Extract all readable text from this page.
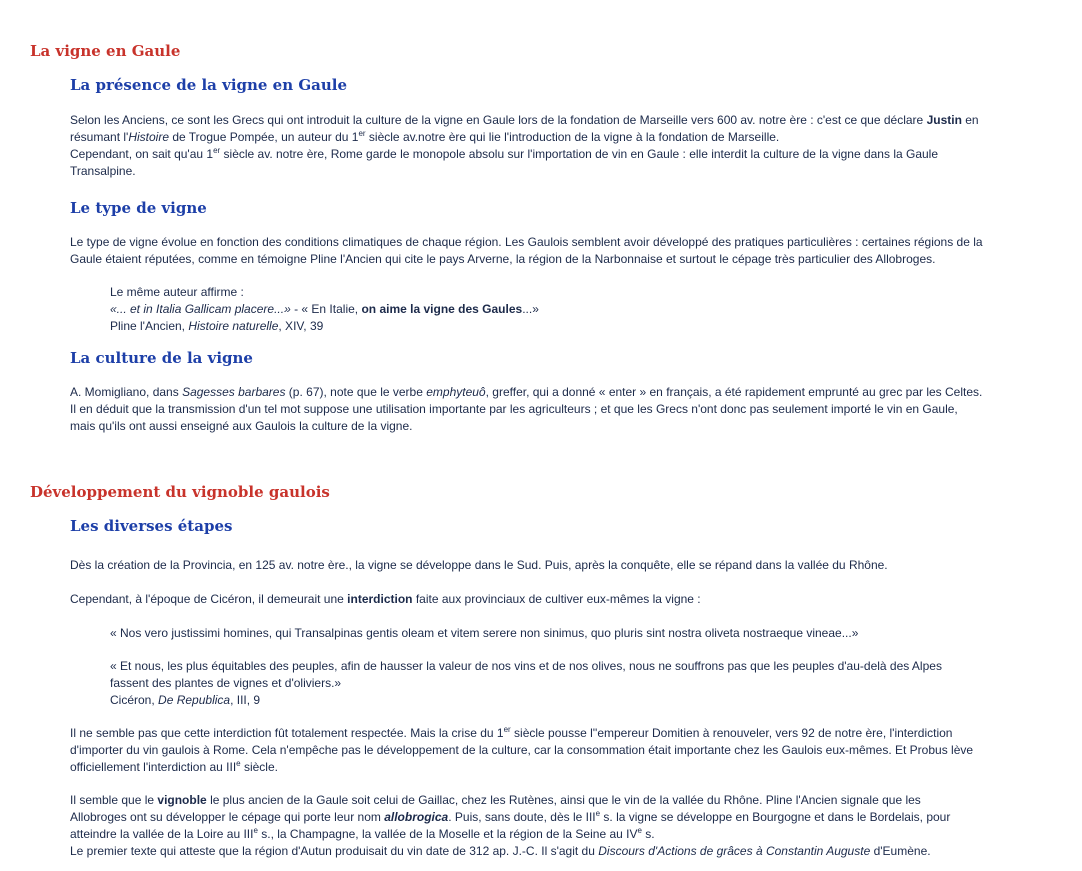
La vigne en Gaule
La présence de la vigne en Gaule
Selon les Anciens, ce sont les Grecs qui ont introduit la culture de la vigne en Gaule lors de la fondation de Marseille vers 600 av. notre ère : c'est ce que déclare Justin en
résumant l'Histoire de Trogue Pompée, un auteur du 1er siècle av.notre ère qui lie l'introduction de la vigne à la fondation de Marseille.
Cependant, on sait qu'au 1er siècle av. notre ère, Rome garde le monopole absolu sur l'importation de vin en Gaule : elle interdit la culture de la vigne dans la Gaule
Transalpine.
Le type de vigne
Le type de vigne évolue en fonction des conditions climatiques de chaque région. Les Gaulois semblent avoir développé des pratiques particulières : certaines régions de la
Gaule étaient réputées, comme en témoigne Pline l'Ancien qui cite le pays Arverne, la région de la Narbonnaise et surtout le cépage très particulier des Allobroges.
Le même auteur affirme :
«... et in Italia Gallicam placere...» - « En Italie, on aime la vigne des Gaules...»
Pline l'Ancien, Histoire naturelle, XIV, 39
La culture de la vigne
A. Momigliano, dans Sagesses barbares (p. 67), note que le verbe emphyteuô, greffer, qui a donné « enter » en français, a été rapidement emprunté au grec par les Celtes.
Il en déduit que la transmission d'un tel mot suppose une utilisation importante par les agriculteurs ; et que les Grecs n'ont donc pas seulement importé le vin en Gaule,
mais qu'ils ont aussi enseigné aux Gaulois la culture de la vigne.
Développement du vignoble gaulois
Les diverses étapes
Dès la création de la Provincia, en 125 av. notre ère., la vigne se développe dans le Sud. Puis, après la conquête, elle se répand dans la vallée du Rhône.
Cependant, à l'époque de Cicéron, il demeurait une interdiction faite aux provinciaux de cultiver eux-mêmes la vigne :
« Nos vero justissimi homines, qui Transalpinas gentis oleam et vitem serere non sinimus, quo pluris sint nostra oliveta nostraeque vineae...»
« Et nous, les plus équitables des peuples, afin de hausser la valeur de nos vins et de nos olives, nous ne souffrons pas que les peuples d'au-delà des Alpes
fassent des plantes de vignes et d'oliviers.»
Cicéron, De Republica, III, 9
Il ne semble pas que cette interdiction fût totalement respectée. Mais la crise du 1er siècle pousse l''empereur Domitien à renouveler, vers 92 de notre ère, l'interdiction
d'importer du vin gaulois à Rome. Cela n'empêche pas le développement de la culture, car la consommation était importante chez les Gaulois eux-mêmes. Et Probus lève
officiellement l'interdiction au IIIe siècle.
Il semble que le vignoble le plus ancien de la Gaule soit celui de Gaillac, chez les Rutènes, ainsi que le vin de la vallée du Rhône. Pline l'Ancien signale que les
Allobroges ont su développer le cépage qui porte leur nom allobrogica. Puis, sans doute, dès le IIIe s. la vigne se développe en Bourgogne et dans le Bordelais, pour
atteindre la vallée de la Loire au IIIe s., la Champagne, la vallée de la Moselle et la région de la Seine au IVe s.
Le premier texte qui atteste que la région d'Autun produisait du vin date de 312 ap. J.-C. Il s'agit du Discours d'Actions de grâces à Constantin Auguste d'Eumène.
